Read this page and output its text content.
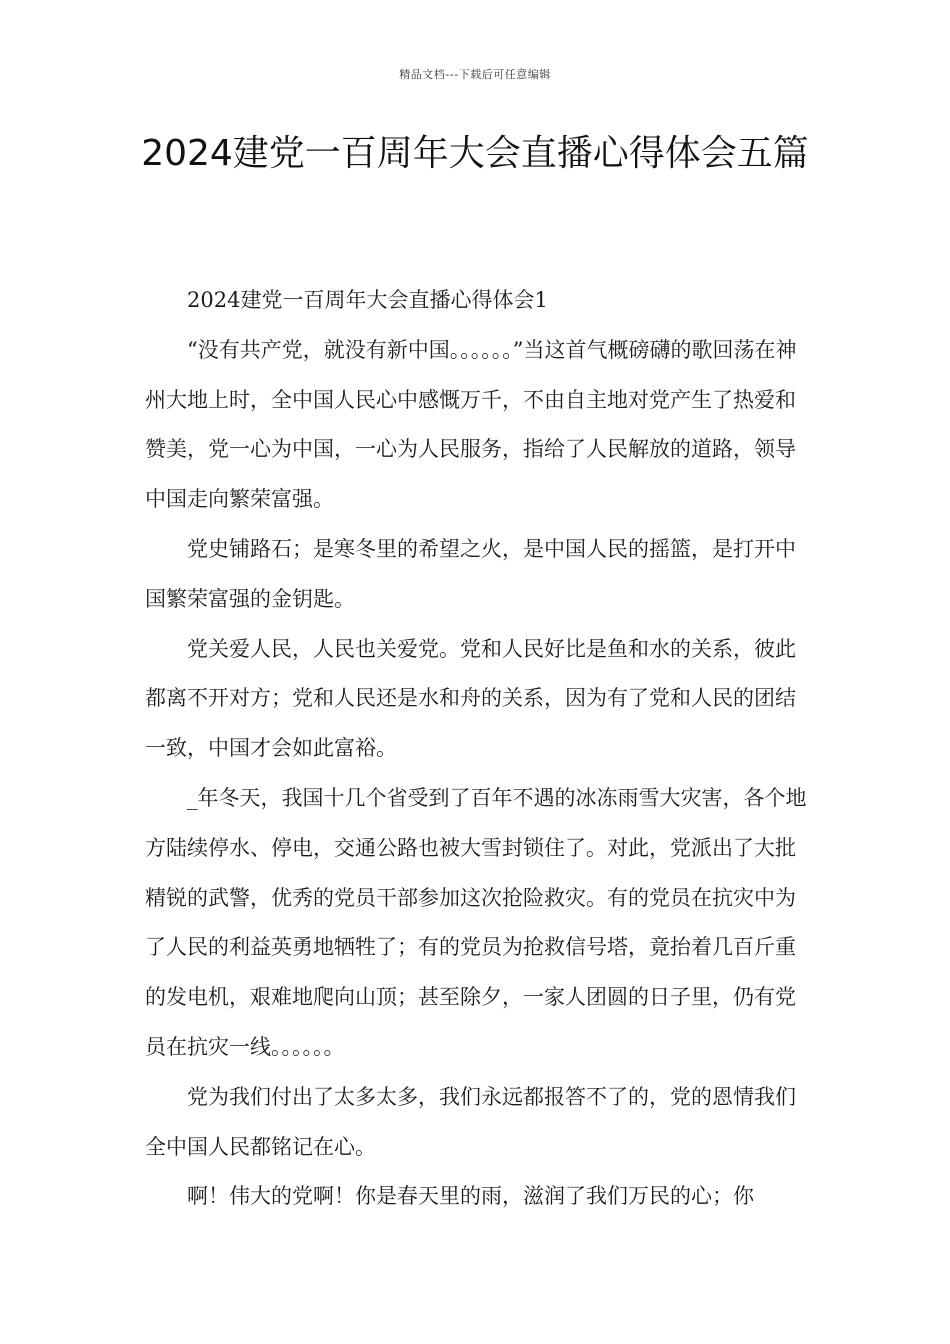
精品文档---下载后可任意编辑
2024建党一百周年大会直播心得体会五篇

2024建党一百周年大会直播心得体会1

“没有共产党，就没有新中国。。。。。。”当这首气概磅礴的歌回荡在神州大地上时，全中国人民心中感慨万千，不由自主地对党产生了热爱和赞美，党一心为中国，一心为人民服务，指给了人民解放的道路，领导中国走向繁荣富强。

党史铺路石；是寒冬里的希望之火，是中国人民的摇篮，是打开中国繁荣富强的金钥匙。

党关爱人民，人民也关爱党。党和人民好比是鱼和水的关系，彼此都离不开对方；党和人民还是水和舟的关系，因为有了党和人民的团结一致，中国才会如此富裕。

_年冬天，我国十几个省受到了百年不遇的冰冻雨雪大灾害，各个地方陆续停水、停电，交通公路也被大雪封锁住了。对此，党派出了大批精锐的武警，优秀的党员干部参加这次抢险救灾。有的党员在抗灾中为了人民的利益英勇地牺牲了；有的党员为抢救信号塔，竟抬着几百斤重的发电机，艰难地爬向山顶；甚至除夕，一家人团圆的日子里，仍有党员在抗灾一线。。。。。。

党为我们付出了太多太多，我们永远都报答不了的，党的恩情我们全中国人民都铭记在心。

啊！伟大的党啊！你是春天里的雨，滋润了我们万民的心；你
